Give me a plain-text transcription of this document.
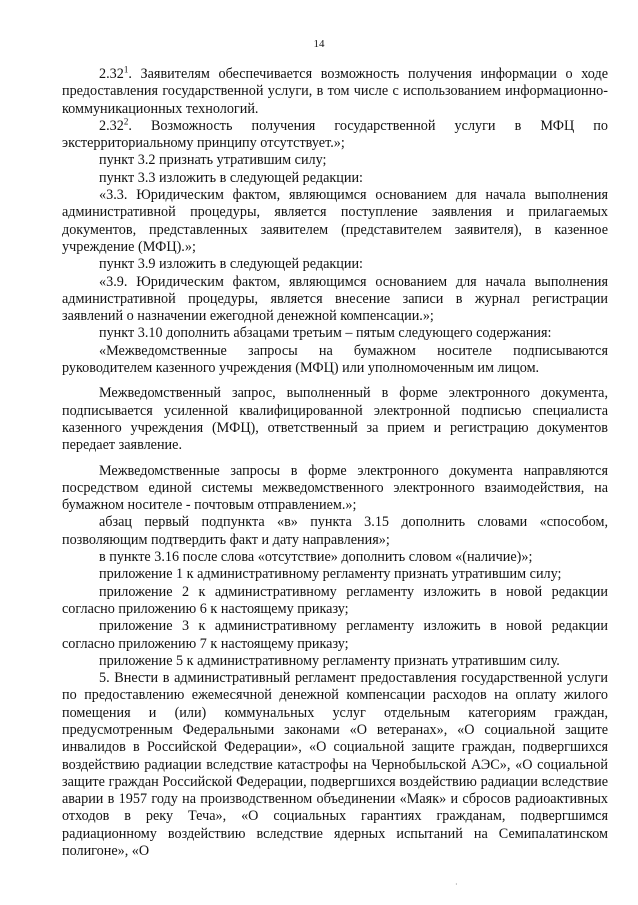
14

2.32$^1$. Заявителям обеспечивается возможность получения информации о ходе предоставления государственной услуги, в том числе с использованием информационно-коммуникационных технологий.

2.32$^2$. Возможность получения государственной услуги в МФЦ по экстерриториальному принципу отсутствует.»;

пункт 3.2 признать утратившим силу;

пункт 3.3 изложить в следующей редакции:

«3.3. Юридическим фактом, являющимся основанием для начала выполнения административной процедуры, является поступление заявления и прилагаемых документов, представленных заявителем (представителем заявителя), в казенное учреждение (МФЦ).»;

пункт 3.9 изложить в следующей редакции:

«3.9. Юридическим фактом, являющимся основанием для начала выполнения административной процедуры, является внесение записи в журнал регистрации заявлений о назначении ежегодной денежной компенсации.»;

пункт 3.10 дополнить абзацами третьим – пятым следующего содержания:

«Межведомственные запросы на бумажном носителе подписываются руководителем казенного учреждения (МФЦ) или уполномоченным им лицом.

Межведомственный запрос, выполненный в форме электронного документа, подписывается усиленной квалифицированной электронной подписью специалиста казенного учреждения (МФЦ), ответственный за прием и регистрацию документов передает заявление.

Межведомственные запросы в форме электронного документа направляются посредством единой системы межведомственного электронного взаимодействия, на бумажном носителе - почтовым отправлением.»;

абзац первый подпункта «в» пункта 3.15 дополнить словами «способом, позволяющим подтвердить факт и дату направления»;

в пункте 3.16 после слова «отсутствие» дополнить словом «(наличие)»;

приложение 1 к административному регламенту признать утратившим силу;

приложение 2 к административному регламенту изложить в новой редакции согласно приложению 6 к настоящему приказу;

приложение 3 к административному регламенту изложить в новой редакции согласно приложению 7 к настоящему приказу;

приложение 5 к административному регламенту признать утратившим силу.

5. Внести в административный регламент предоставления государственной услуги по предоставлению ежемесячной денежной компенсации расходов на оплату жилого помещения и (или) коммунальных услуг отдельным категориям граждан, предусмотренным Федеральными законами «О ветеранах», «О социальной защите инвалидов в Российской Федерации», «О социальной защите граждан, подвергшихся воздействию радиации вследствие катастрофы на Чернобыльской АЭС», «О социальной защите граждан Российской Федерации, подвергшихся воздействию радиации вследствие аварии в 1957 году на производственном объединении «Маяк» и сбросов радиоактивных отходов в реку Теча», «О социальных гарантиях гражданам, подвергшимся радиационному воздействию вследствие ядерных испытаний на Семипалатинском полигоне», «О

·
